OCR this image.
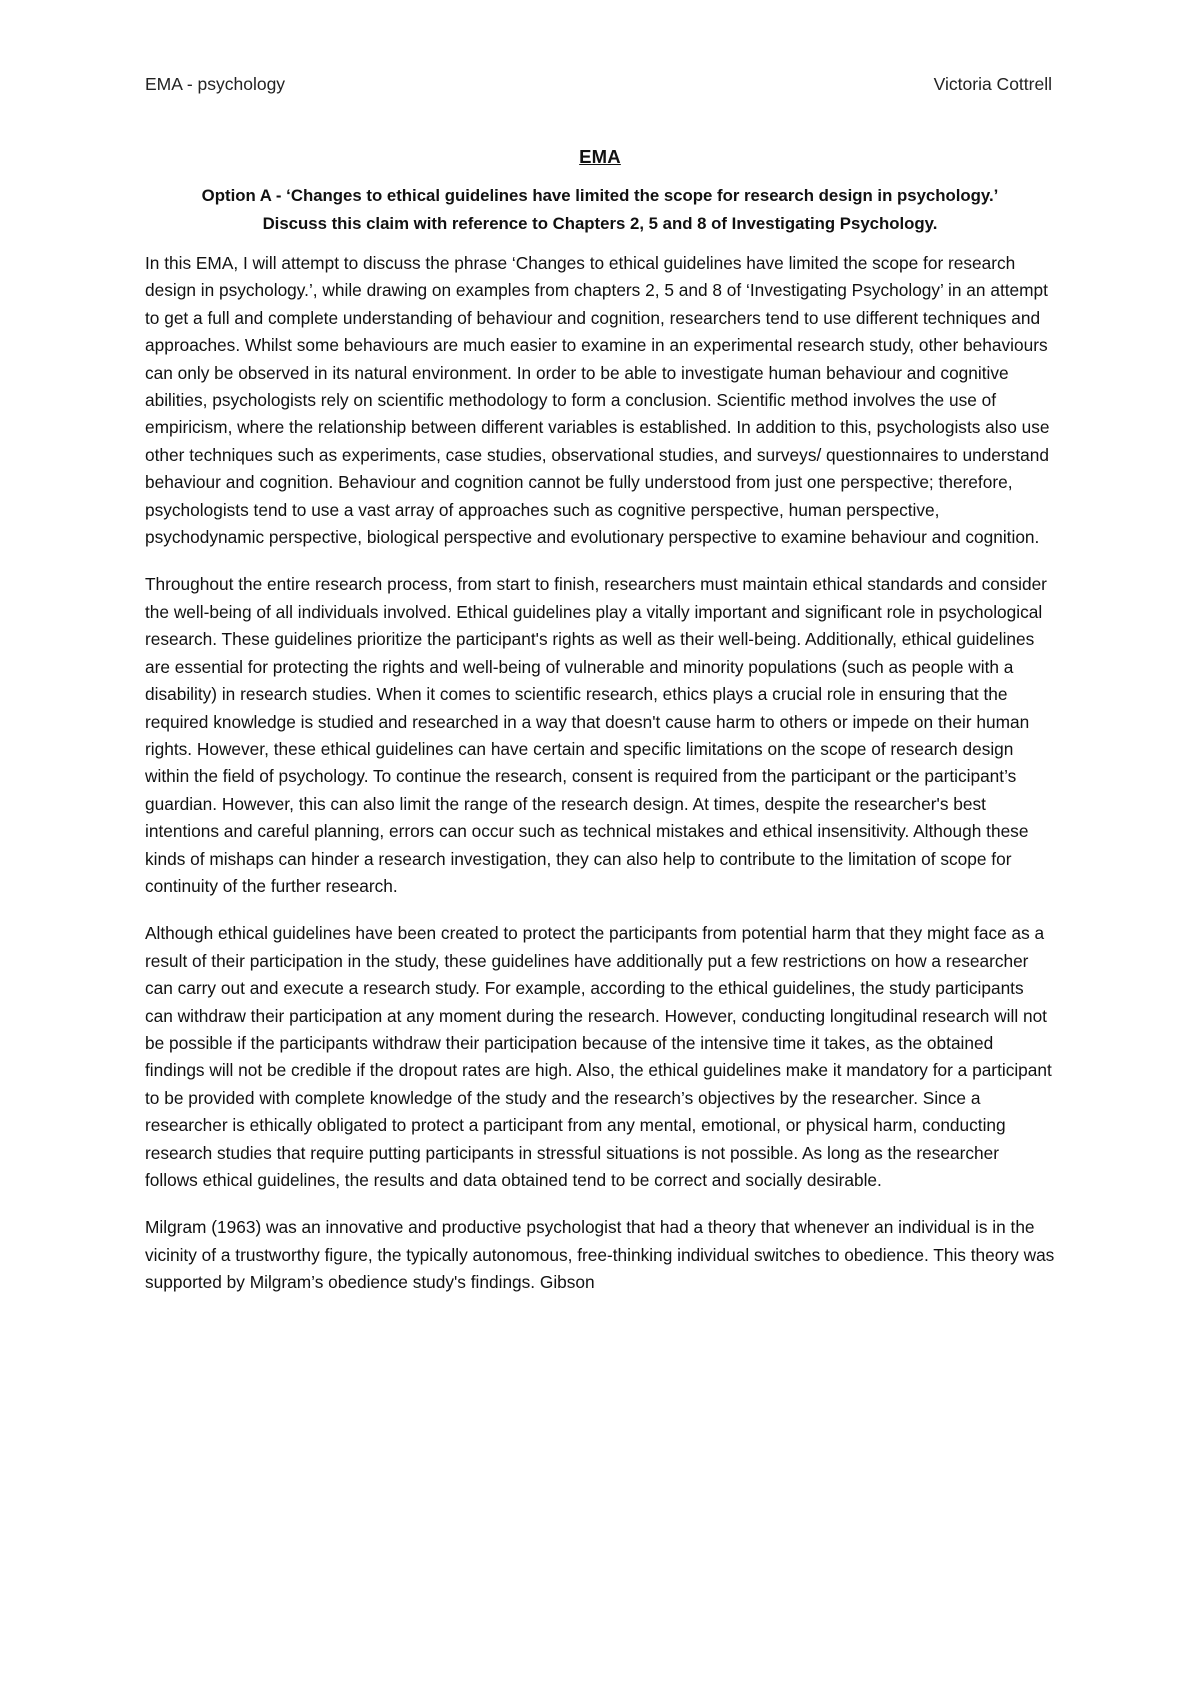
EMA - psychology	Victoria Cottrell
EMA
Option A - ‘Changes to ethical guidelines have limited the scope for research design in psychology.’
Discuss this claim with reference to Chapters 2, 5 and 8 of Investigating Psychology.

In this EMA, I will attempt to discuss the phrase ‘Changes to ethical guidelines have limited the scope for research design in psychology.’, while drawing on examples from chapters 2, 5 and 8 of ‘Investigating Psychology’ in an attempt to get a full and complete understanding of behaviour and cognition, researchers tend to use different techniques and approaches. Whilst some behaviours are much easier to examine in an experimental research study, other behaviours can only be observed in its natural environment. In order to be able to investigate human behaviour and cognitive abilities, psychologists rely on scientific methodology to form a conclusion. Scientific method involves the use of empiricism, where the relationship between different variables is established. In addition to this, psychologists also use other techniques such as experiments, case studies, observational studies, and surveys/ questionnaires to understand behaviour and cognition. Behaviour and cognition cannot be fully understood from just one perspective; therefore, psychologists tend to use a vast array of approaches such as cognitive perspective, human perspective, psychodynamic perspective, biological perspective and evolutionary perspective to examine behaviour and cognition.

Throughout the entire research process, from start to finish, researchers must maintain ethical standards and consider the well-being of all individuals involved. Ethical guidelines play a vitally important and significant role in psychological research. These guidelines prioritize the participant's rights as well as their well-being. Additionally, ethical guidelines are essential for protecting the rights and well-being of vulnerable and minority populations (such as people with a disability) in research studies. When it comes to scientific research, ethics plays a crucial role in ensuring that the required knowledge is studied and researched in a way that doesn't cause harm to others or impede on their human rights. However, these ethical guidelines can have certain and specific limitations on the scope of research design within the field of psychology. To continue the research, consent is required from the participant or the participant’s guardian. However, this can also limit the range of the research design. At times, despite the researcher's best intentions and careful planning, errors can occur such as technical mistakes and ethical insensitivity. Although these kinds of mishaps can hinder a research investigation, they can also help to contribute to the limitation of scope for continuity of the further research.

Although ethical guidelines have been created to protect the participants from potential harm that they might face as a result of their participation in the study, these guidelines have additionally put a few restrictions on how a researcher can carry out and execute a research study. For example, according to the ethical guidelines, the study participants can withdraw their participation at any moment during the research. However, conducting longitudinal research will not be possible if the participants withdraw their participation because of the intensive time it takes, as the obtained findings will not be credible if the dropout rates are high. Also, the ethical guidelines make it mandatory for a participant to be provided with complete knowledge of the study and the research’s objectives by the researcher. Since a researcher is ethically obligated to protect a participant from any mental, emotional, or physical harm, conducting research studies that require putting participants in stressful situations is not possible. As long as the researcher follows ethical guidelines, the results and data obtained tend to be correct and socially desirable.

Milgram (1963) was an innovative and productive psychologist that had a theory that whenever an individual is in the vicinity of a trustworthy figure, the typically autonomous, free-thinking individual switches to obedience. This theory was supported by Milgram’s obedience study's findings. Gibson
